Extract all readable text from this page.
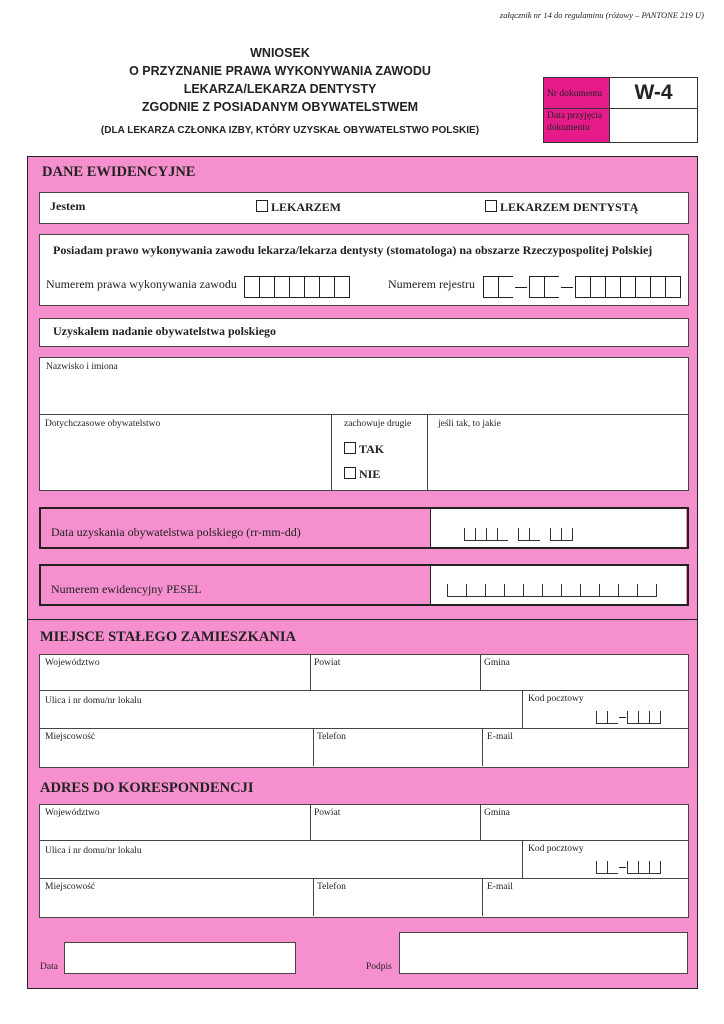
załącznik nr 14 do regulaminu (różowy – PANTONE 219 U)
WNIOSEK
O PRZYZNANIE PRAWA WYKONYWANIA ZAWODU
LEKARZA/LEKARZA DENTYSTY
ZGODNIE Z POSIADANYM OBYWATELSTWEM
(DLA LEKARZA CZŁONKA IZBY, KTÓRY UZYSKAŁ OBYWATELSTWO POLSKIE)
Nr dokumentu	W-4
Data przyjęcia
dokumentu
DANE EWIDENCYJNE
Jestem	LEKARZEM	LEKARZEM DENTYSTĄ
Posiadam prawo wykonywania zawodu lekarza/lekarza dentysty (stomatologa) na obszarze Rzeczypospolitej Polskiej
Numerem prawa wykonywania zawodu	Numerem rejestru
Uzyskałem nadanie obywatelstwa polskiego
Nazwisko i imiona
Dotychczasowe obywatelstwo	zachowuje drugie
TAK
NIE
jeśli tak, to jakie
Data uzyskania obywatelstwa polskiego (rr-mm-dd)
Numerem ewidencyjny PESEL
MIEJSCE STAŁEGO ZAMIESZKANIA
Województwo	Powiat	Gmina
Ulica i nr domu/nr lokalu	Kod pocztowy
Miejscowość	Telefon	E-mail
ADRES DO KORESPONDENCJI
Województwo	Powiat	Gmina
Ulica i nr domu/nr lokalu	Kod pocztowy
Miejscowość	Telefon	E-mail
Data	Podpis
